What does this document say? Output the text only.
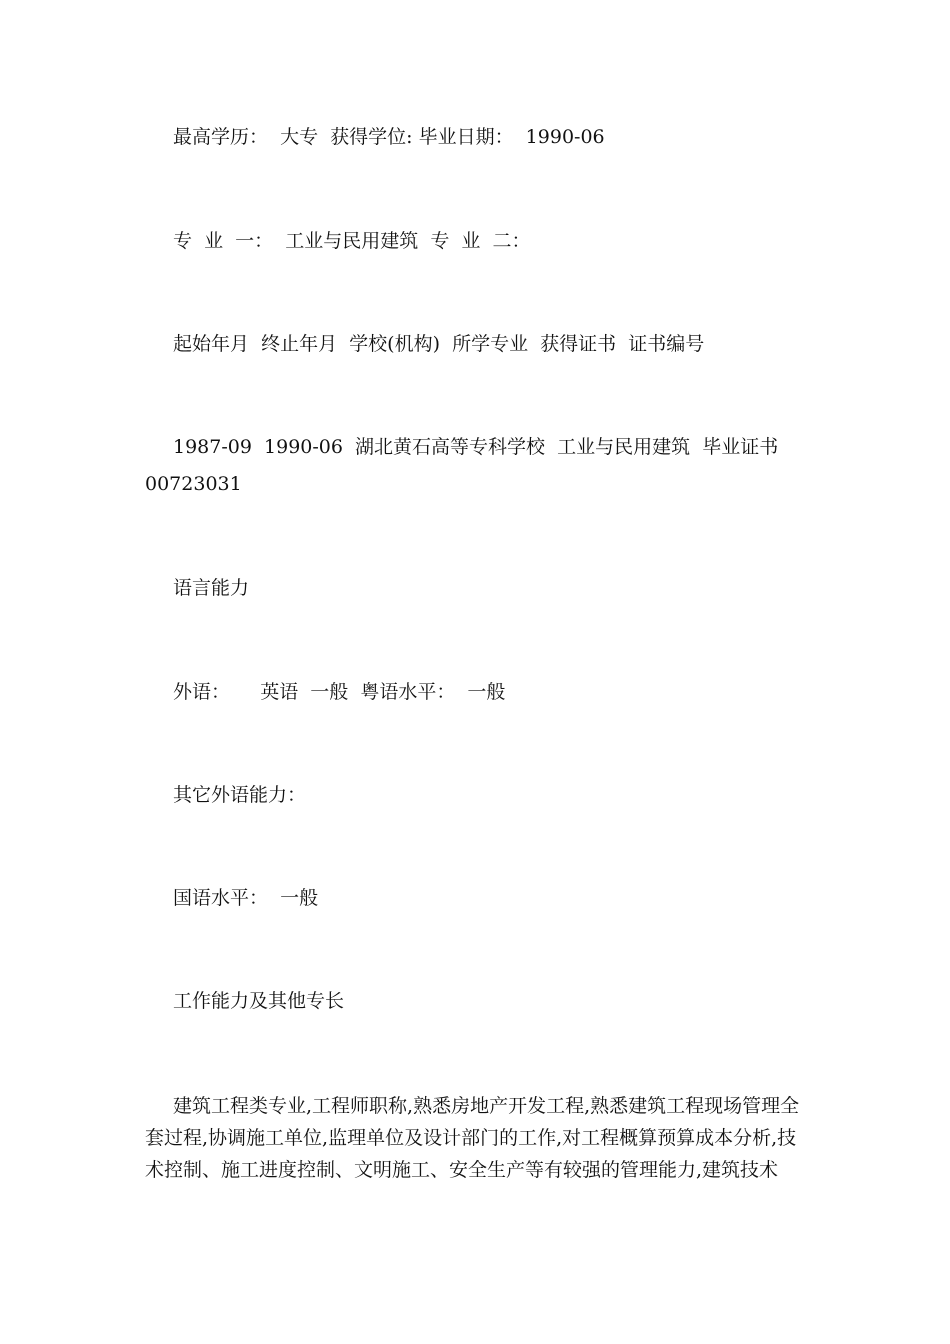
最高学历：  大专  获得学位: 毕业日期：  1990-06
专  业  一：  工业与民用建筑  专  业  二：
起始年月  终止年月  学校(机构)  所学专业  获得证书  证书编号
1987-09  1990-06  湖北黄石高等专科学校  工业与民用建筑  毕业证书
00723031
语言能力
外语：     英语  一般  粤语水平：  一般
其它外语能力：
国语水平：  一般
工作能力及其他专长
建筑工程类专业,工程师职称,熟悉房地产开发工程,熟悉建筑工程现场管理全套过程,协调施工单位,监理单位及设计部门的工作,对工程概算预算成本分析,技术控制、施工进度控制、文明施工、安全生产等有较强的管理能力,建筑技术
